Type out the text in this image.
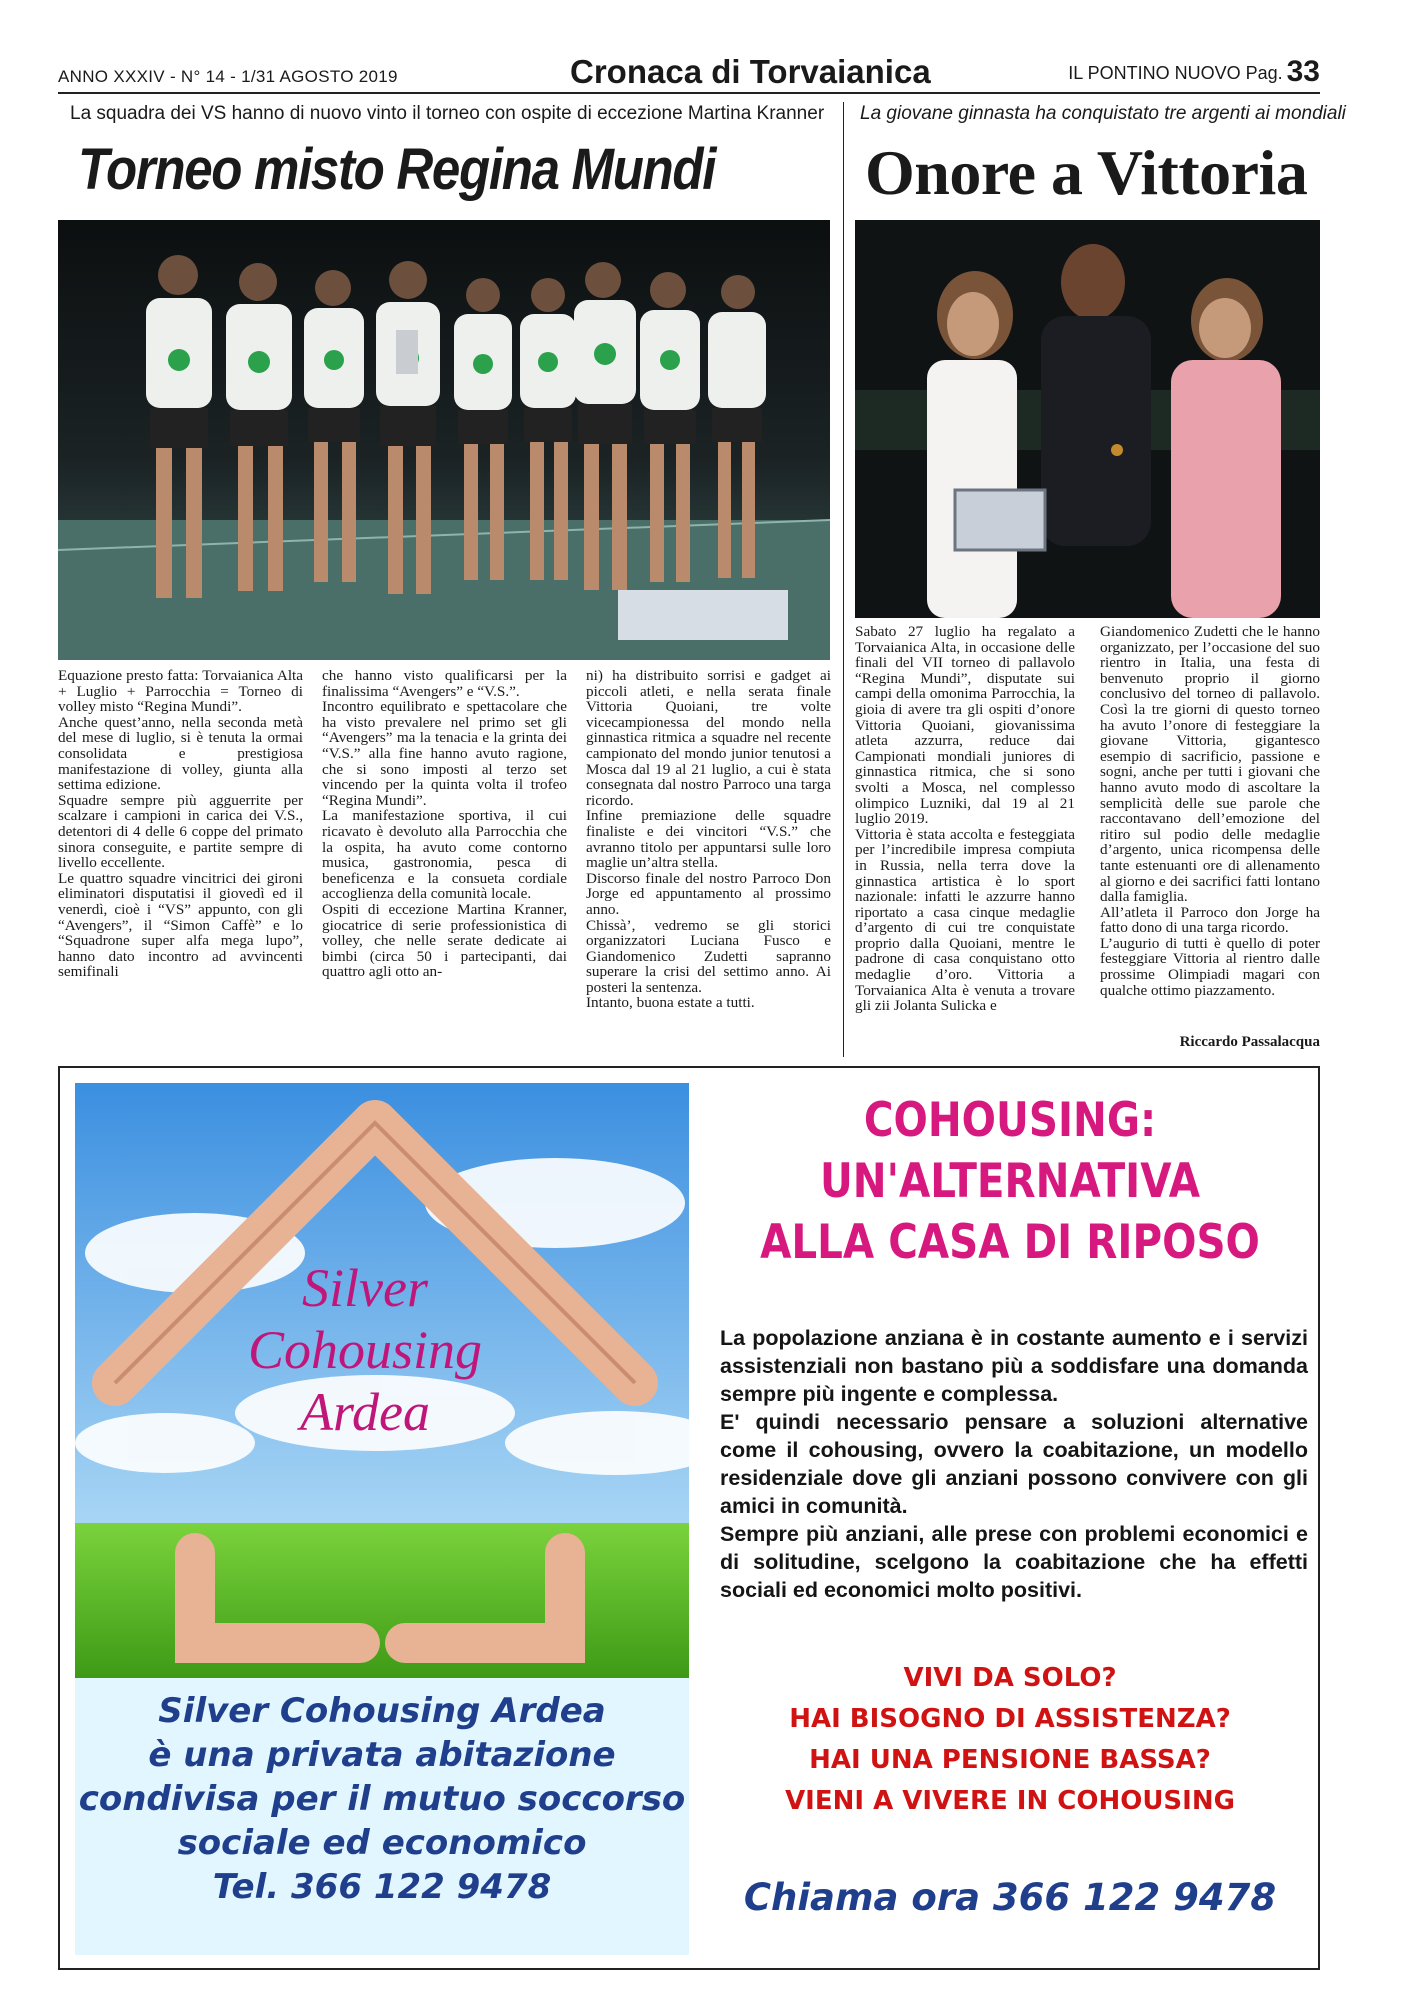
ANNO XXXIV - N° 14 - 1/31 AGOSTO 2019	Cronaca di Torvaianica	IL PONTINO NUOVO Pag. 33
La squadra dei VS hanno di nuovo vinto il torneo con ospite di eccezione Martina Kranner
Torneo misto Regina Mundi

Equazione presto fatta: Torvaianica Alta + Luglio + Parrocchia = Torneo di volley misto “Regina Mundi”.

Anche quest’anno, nella seconda metà del mese di luglio, si è tenuta la ormai consolidata e prestigiosa manifestazione di volley, giunta alla settima edizione.

Squadre sempre più agguerrite per scalzare i campioni in carica dei V.S., detentori di 4 delle 6 coppe del primato sinora conseguite, e partite sempre di livello eccellente.

Le quattro squadre vincitrici dei gironi eliminatori disputatisi il giovedì ed il venerdì, cioè i “VS” appunto, con gli “Avengers”, il “Simon Caffè” e lo “Squadrone super alfa mega lupo”, hanno dato incontro ad avvincenti semifinali

che hanno visto qualificarsi per la finalissima “Avengers” e “V.S.”.

Incontro equilibrato e spettacolare che ha visto prevalere nel primo set gli “Avengers” ma la tenacia e la grinta dei “V.S.” alla fine hanno avuto ragione, che si sono imposti al terzo set vincendo per la quinta volta il trofeo “Regina Mundi”.

La manifestazione sportiva, il cui ricavato è devoluto alla Parrocchia che la ospita, ha avuto come contorno musica, gastronomia, pesca di beneficenza e la consueta cordiale accoglienza della comunità locale.

Ospiti di eccezione Martina Kranner, giocatrice di serie professionistica di volley, che nelle serate dedicate ai bimbi (circa 50 i partecipanti, dai quattro agli otto an-

ni) ha distribuito sorrisi e gadget ai piccoli atleti, e nella serata finale Vittoria Quoiani, tre volte vicecampionessa del mondo nella ginnastica ritmica a squadre nel recente campionato del mondo junior tenutosi a Mosca dal 19 al 21 luglio, a cui è stata consegnata dal nostro Parroco una targa ricordo.

Infine premiazione delle squadre finaliste e dei vincitori “V.S.” che avranno titolo per appuntarsi sulle loro maglie un’altra stella.

Discorso finale del nostro Parroco Don Jorge ed appuntamento al prossimo anno.

Chissà’, vedremo se gli storici organizzatori Luciana Fusco e Giandomenico Zudetti sapranno superare la crisi del settimo anno. Ai posteri la sentenza.

Intanto, buona estate a tutti.

La giovane ginnasta ha conquistato tre argenti ai mondiali
Onore a Vittoria

Sabato 27 luglio ha regalato a Torvaianica Alta, in occasione delle finali del VII torneo di pallavolo “Regina Mundi”, disputate sui campi della omonima Parrocchia, la gioia di avere tra gli ospiti d’onore Vittoria Quoiani, giovanissima atleta azzurra, reduce dai Campionati mondiali juniores di ginnastica ritmica, che si sono svolti a Mosca, nel complesso olimpico Luzniki, dal 19 al 21 luglio 2019.

Vittoria è stata accolta e festeggiata per l’incredibile impresa compiuta in Russia, nella terra dove la ginnastica artistica è lo sport nazionale: infatti le azzurre hanno riportato a casa cinque medaglie d’argento di cui tre conquistate proprio dalla Quoiani, mentre le padrone di casa conquistano otto medaglie d’oro. Vittoria a Torvaianica Alta è venuta a trovare gli zii Jolanta Sulicka e

Giandomenico Zudetti che le hanno organizzato, per l’occasione del suo rientro in Italia, una festa di benvenuto proprio il giorno conclusivo del torneo di pallavolo. Così la tre giorni di questo torneo ha avuto l’onore di festeggiare la giovane Vittoria, gigantesco esempio di sacrificio, passione e sogni, anche per tutti i giovani che hanno avuto modo di ascoltare la semplicità delle sue parole che raccontavano dell’emozione del ritiro sul podio delle medaglie d’argento, unica ricompensa delle tante estenuanti ore di allenamento al giorno e dei sacrifici fatti lontano dalla famiglia.

All’atleta il Parroco don Jorge ha fatto dono di una targa ricordo.

L’augurio di tutti è quello di poter festeggiare Vittoria al rientro dalle prossime Olimpiadi magari con qualche ottimo piazzamento.

Riccardo Passalacqua
Silver Cohousing Ardea
Silver Cohousing Ardea
è una privata abitazione
condivisa per il mutuo soccorso
sociale ed economico
Tel. 366 122 9478
COHOUSING:
UN'ALTERNATIVA
ALLA CASA DI RIPOSO

La popolazione anziana è in costante aumento e i servizi assistenziali non bastano più a soddisfare una domanda sempre più ingente e complessa.

E' quindi necessario pensare a soluzioni alternative come il cohousing, ovvero la coabitazione, un modello residenziale dove gli anziani possono convivere con gli amici in comunità.

Sempre più anziani, alle prese con problemi economici e di solitudine, scelgono la coabitazione che ha effetti sociali ed economici molto positivi.

VIVI DA SOLO?
HAI BISOGNO DI ASSISTENZA?
HAI UNA PENSIONE BASSA?
VIENI A VIVERE IN COHOUSING
Chiama ora 366 122 9478
